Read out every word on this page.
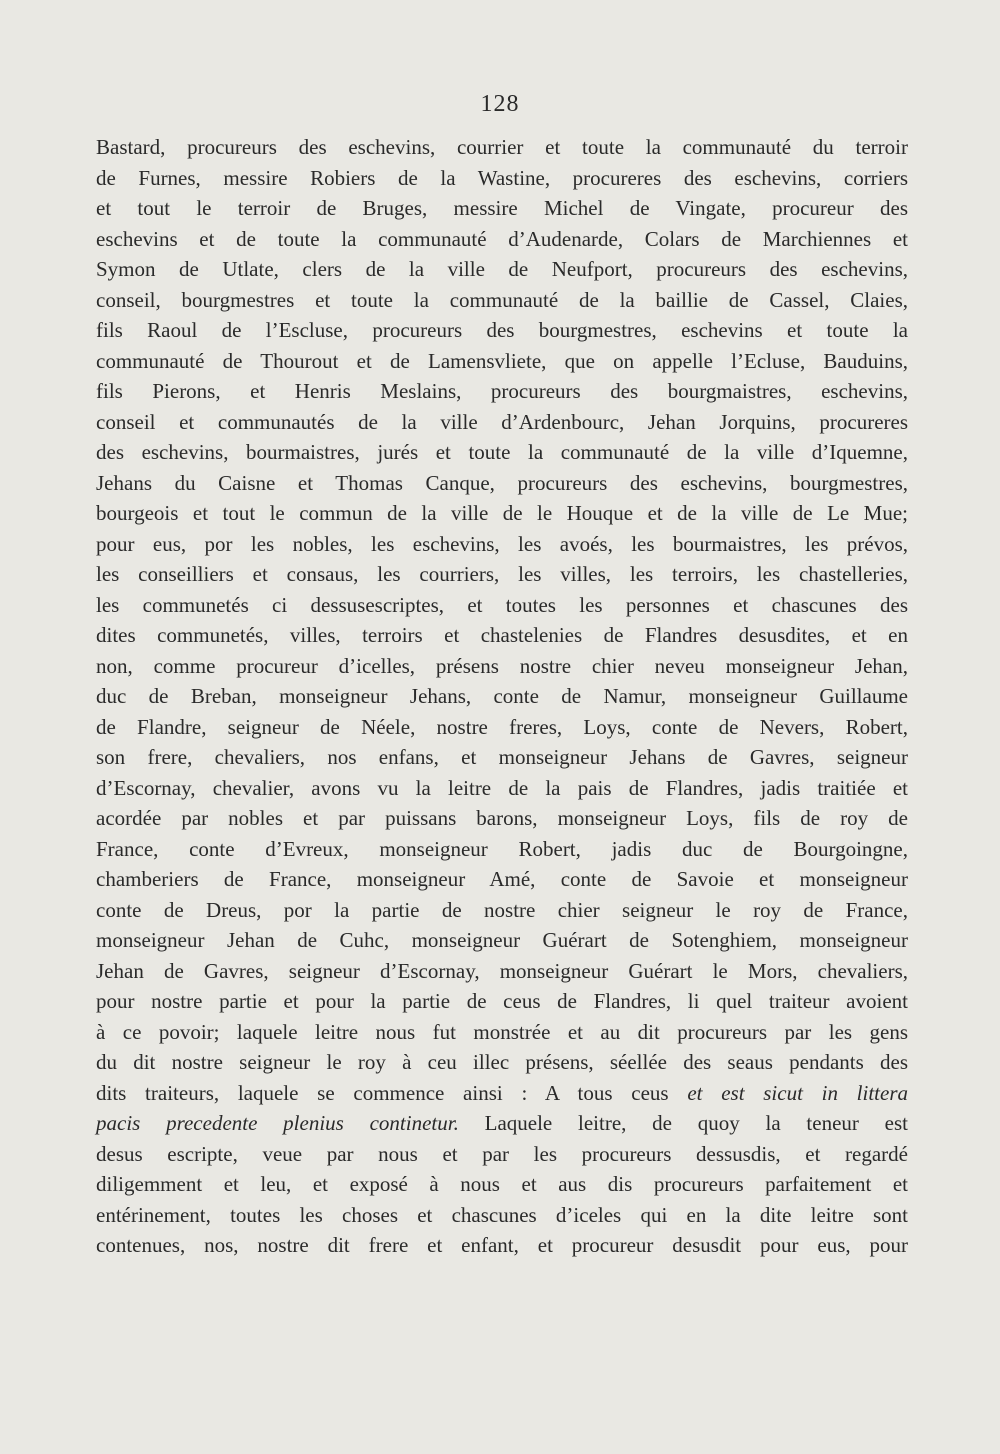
128
Bastard, procureurs des eschevins, courrier et toute la communauté du terroir
de Furnes, messire Robiers de la Wastine, procureres des eschevins, corriers
et tout le terroir de Bruges, messire Michel de Vingate, procureur des
eschevins et de toute la communauté d’Audenarde, Colars de Marchiennes et
Symon de Utlate, clers de la ville de Neufport, procureurs des eschevins,
conseil, bourgmestres et toute la communauté de la baillie de Cassel, Claies,
fils Raoul de l’Escluse, procureurs des bourgmestres, eschevins et toute la
communauté de Thourout et de Lamensvliete, que on appelle l’Ecluse, Bauduins,
fils Pierons, et Henris Meslains, procureurs des bourgmaistres, eschevins,
conseil et communautés de la ville d’Ardenbourc, Jehan Jorquins, procureres
des eschevins, bourmaistres, jurés et toute la communauté de la ville d’Iquemne,
Jehans du Caisne et Thomas Canque, procureurs des eschevins, bourgmestres,
bourgeois et tout le commun de la ville de le Houque et de la ville de Le Mue;
pour eus, por les nobles, les eschevins, les avoés, les bourmaistres, les prévos,
les conseilliers et consaus, les courriers, les villes, les terroirs, les chastelleries,
les communetés ci dessusescriptes, et toutes les personnes et chascunes des
dites communetés, villes, terroirs et chastelenies de Flandres desusdites, et en
non, comme procureur d’icelles, présens nostre chier neveu monseigneur Jehan,
duc de Breban, monseigneur Jehans, conte de Namur, monseigneur Guillaume
de Flandre, seigneur de Néele, nostre freres, Loys, conte de Nevers, Robert,
son frere, chevaliers, nos enfans, et monseigneur Jehans de Gavres, seigneur
d’Escornay, chevalier, avons vu la leitre de la pais de Flandres, jadis traitiée et
acordée par nobles et par puissans barons, monseigneur Loys, fils de roy de
France, conte d’Evreux, monseigneur Robert, jadis duc de Bourgoingne,
chamberiers de France, monseigneur Amé, conte de Savoie et monseigneur
conte de Dreus, por la partie de nostre chier seigneur le roy de France,
monseigneur Jehan de Cuhc, monseigneur Guérart de Sotenghiem, monseigneur
Jehan de Gavres, seigneur d’Escornay, monseigneur Guérart le Mors, chevaliers,
pour nostre partie et pour la partie de ceus de Flandres, li quel traiteur avoient
à ce povoir; laquele leitre nous fut monstrée et au dit procureurs par les gens
du dit nostre seigneur le roy à ceu illec présens, séellée des seaus pendants des
dits traiteurs, laquele se commence ainsi : A tous ceus et est sicut in littera
pacis precedente plenius continetur. Laquele leitre, de quoy la teneur est
desus escripte, veue par nous et par les procureurs dessusdis, et regardé
diligemment et leu, et exposé à nous et aus dis procureurs parfaitement et
entérinement, toutes les choses et chascunes d’iceles qui en la dite leitre sont
contenues, nos, nostre dit frere et enfant, et procureur desusdit pour eus, pour
